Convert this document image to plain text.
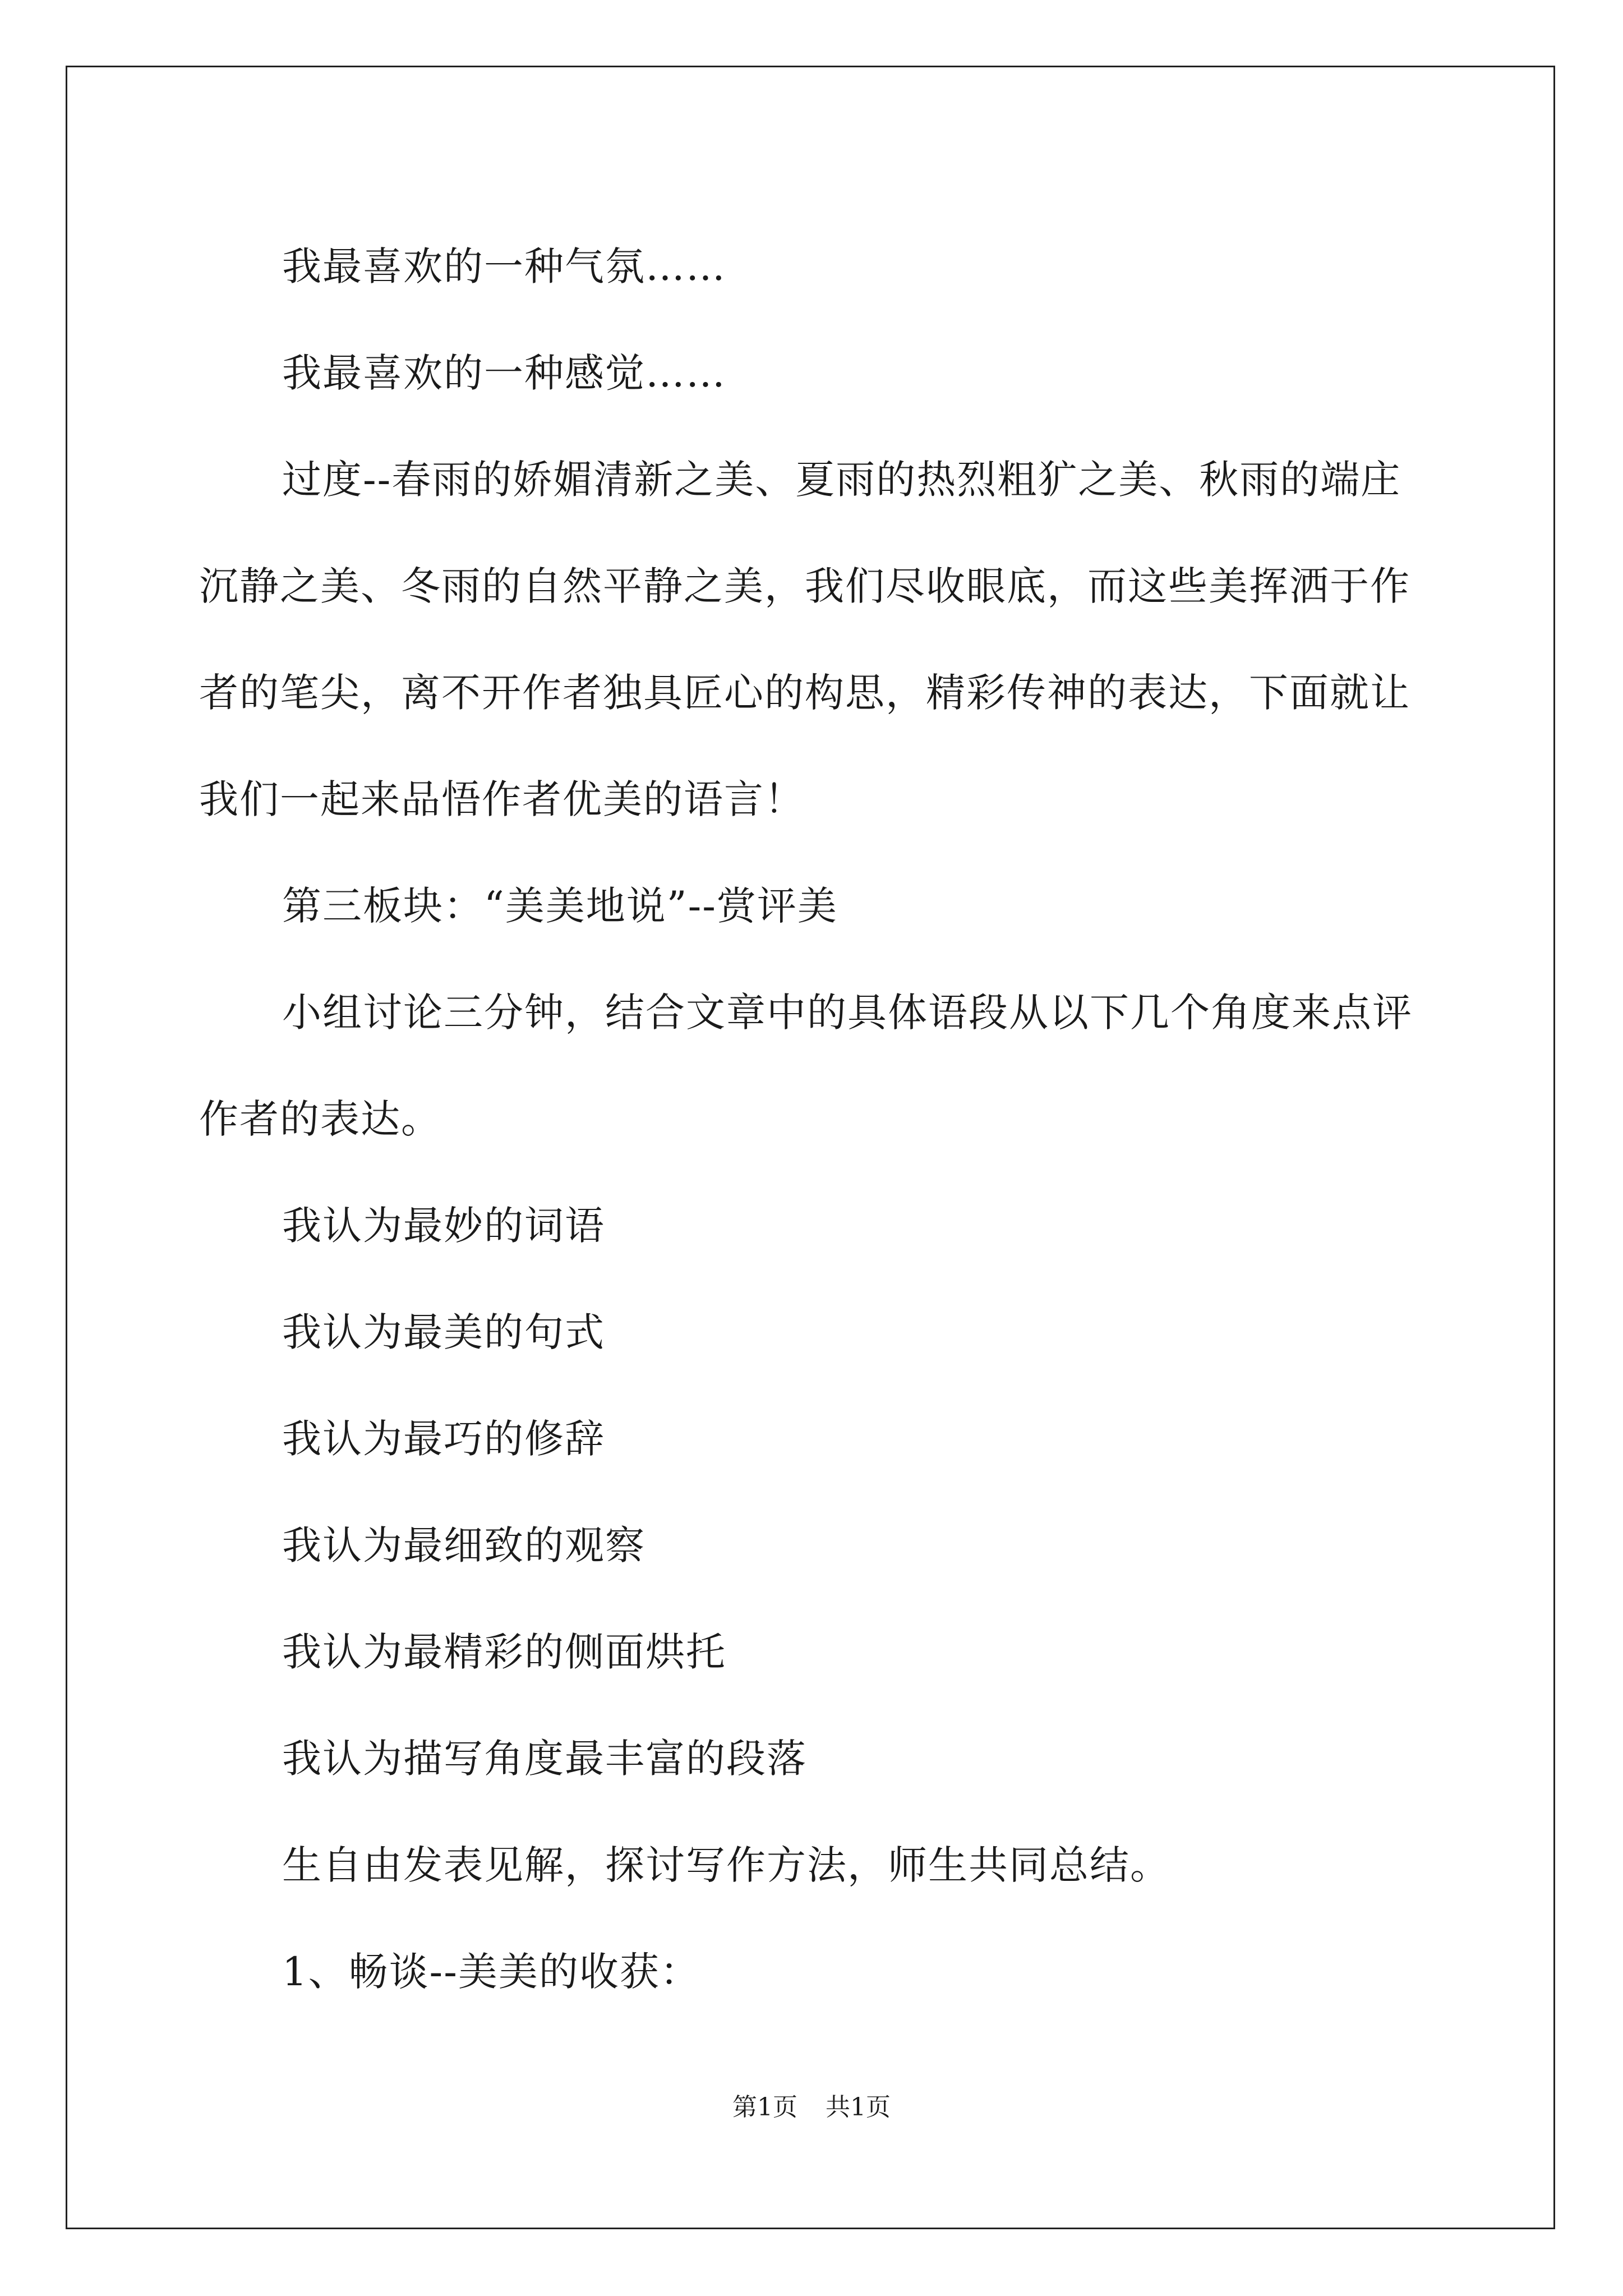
我最喜欢的一种气氛……

我最喜欢的一种感觉……

过度--春雨的娇媚清新之美、夏雨的热烈粗犷之美、秋雨的端庄沉静之美、冬雨的自然平静之美，我们尽收眼底，而这些美挥洒于作者的笔尖，离不开作者独具匠心的构思，精彩传神的表达，下面就让我们一起来品悟作者优美的语言！

第三板块：“美美地说”--赏评美

小组讨论三分钟，结合文章中的具体语段从以下几个角度来点评作者的表达。

我认为最妙的词语

我认为最美的句式

我认为最巧的修辞

我认为最细致的观察

我认为最精彩的侧面烘托

我认为描写角度最丰富的段落

生自由发表见解，探讨写作方法，师生共同总结。

1、畅谈--美美的收获：

第1页 共1页
